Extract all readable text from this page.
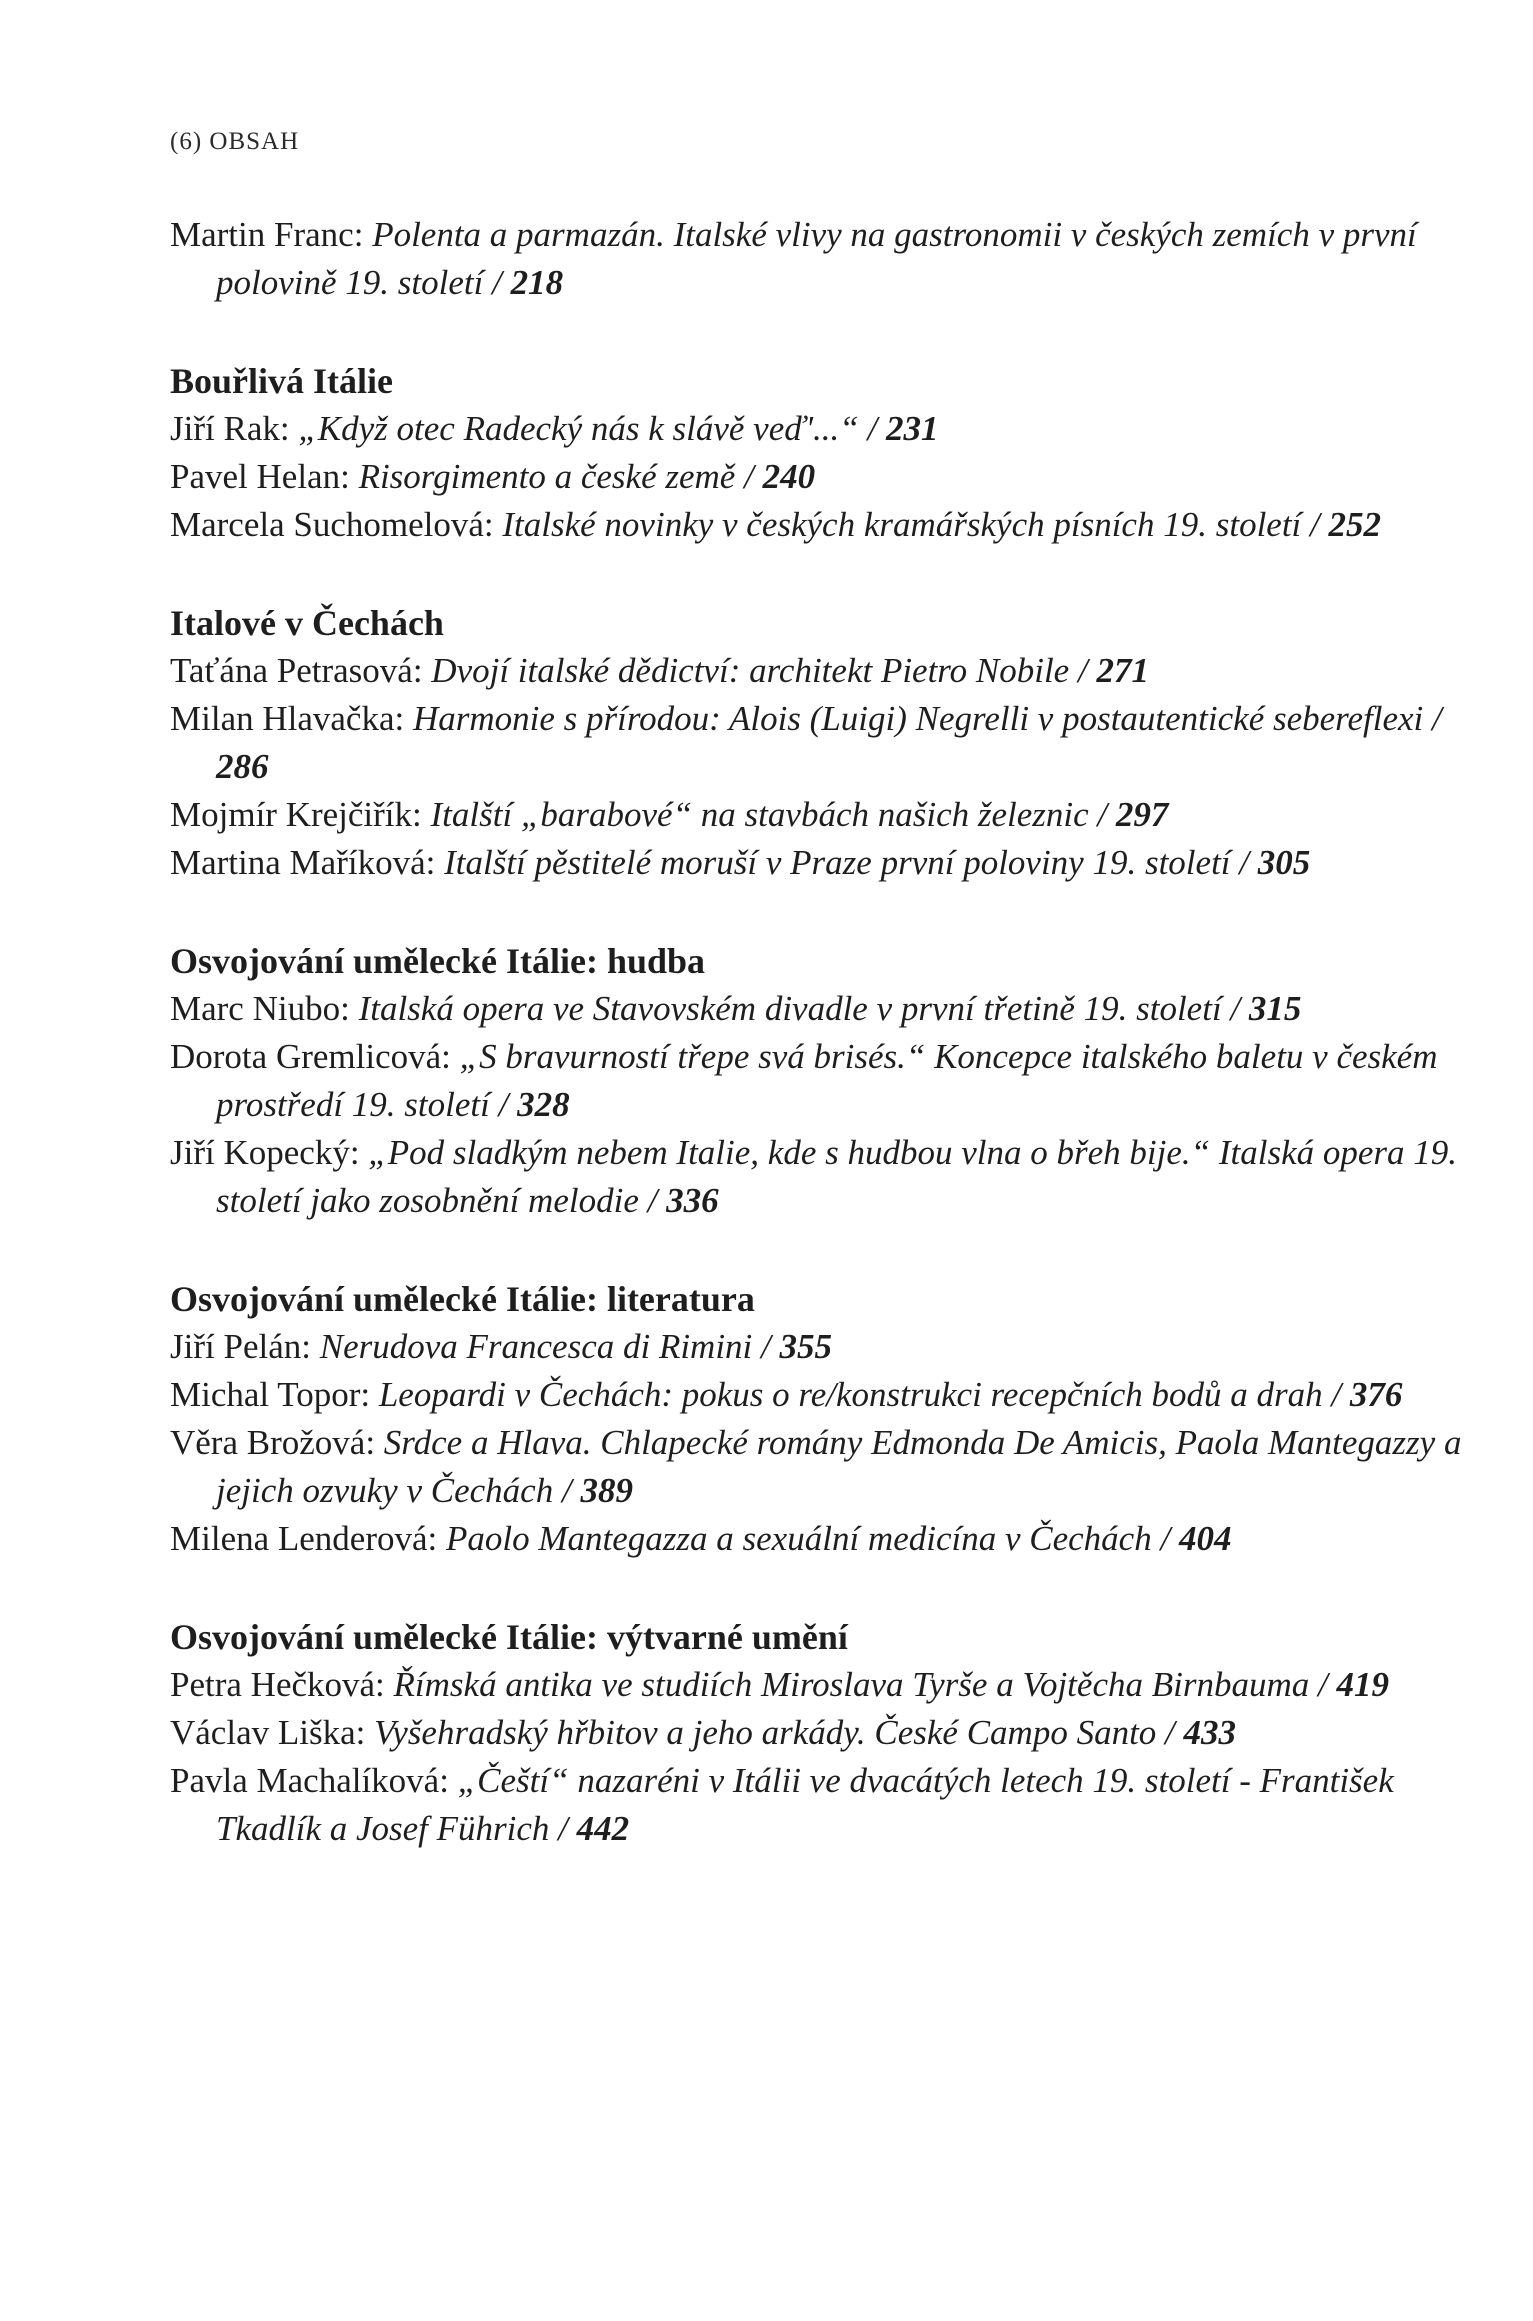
(6) OBSAH
Martin Franc: Polenta a parmazán. Italské vlivy na gastronomii v českých zemích v první polovině 19. století / 218
Bouřlivá Itálie
Jiří Rak: „Když otec Radecký nás k slávě veď'...“ / 231
Pavel Helan: Risorgimento a české země / 240
Marcela Suchomelová: Italské novinky v českých kramářských písních 19. století / 252
Italové v Čechách
Taťána Petrasová: Dvojí italské dědictví: architekt Pietro Nobile / 271
Milan Hlavačka: Harmonie s přírodou: Alois (Luigi) Negrelli v postautentické sebereflexi / 286
Mojmír Krejčiřík: Italští „barabové“ na stavbách našich železnic / 297
Martina Maříková: Italští pěstitelé moruší v Praze první poloviny 19. století / 305
Osvojování umělecké Itálie: hudba
Marc Niubo: Italská opera ve Stavovském divadle v první třetině 19. století / 315
Dorota Gremlicová: „S bravurností třepe svá brisés.“ Koncepce italského baletu v českém prostředí 19. století / 328
Jiří Kopecký: „Pod sladkým nebem Italie, kde s hudbou vlna o břeh bije.“ Italská opera 19. století jako zosobnění melodie / 336
Osvojování umělecké Itálie: literatura
Jiří Pelán: Nerudova Francesca di Rimini / 355
Michal Topor: Leopardi v Čechách: pokus o re/konstrukci recepčních bodů a drah / 376
Věra Brožová: Srdce a Hlava. Chlapecké romány Edmonda De Amicis, Paola Mantegazzy a jejich ozvuky v Čechách / 389
Milena Lenderová: Paolo Mantegazza a sexuální medicína v Čechách / 404
Osvojování umělecké Itálie: výtvarné umění
Petra Hečková: Římská antika ve studiích Miroslava Tyrše a Vojtěcha Birnbauma / 419
Václav Liška: Vyšehradský hřbitov a jeho arkády. České Campo Santo / 433
Pavla Machalíková: „Čeští“ nazaréni v Itálii ve dvacátých letech 19. století - František Tkadlík a Josef Führich / 442
